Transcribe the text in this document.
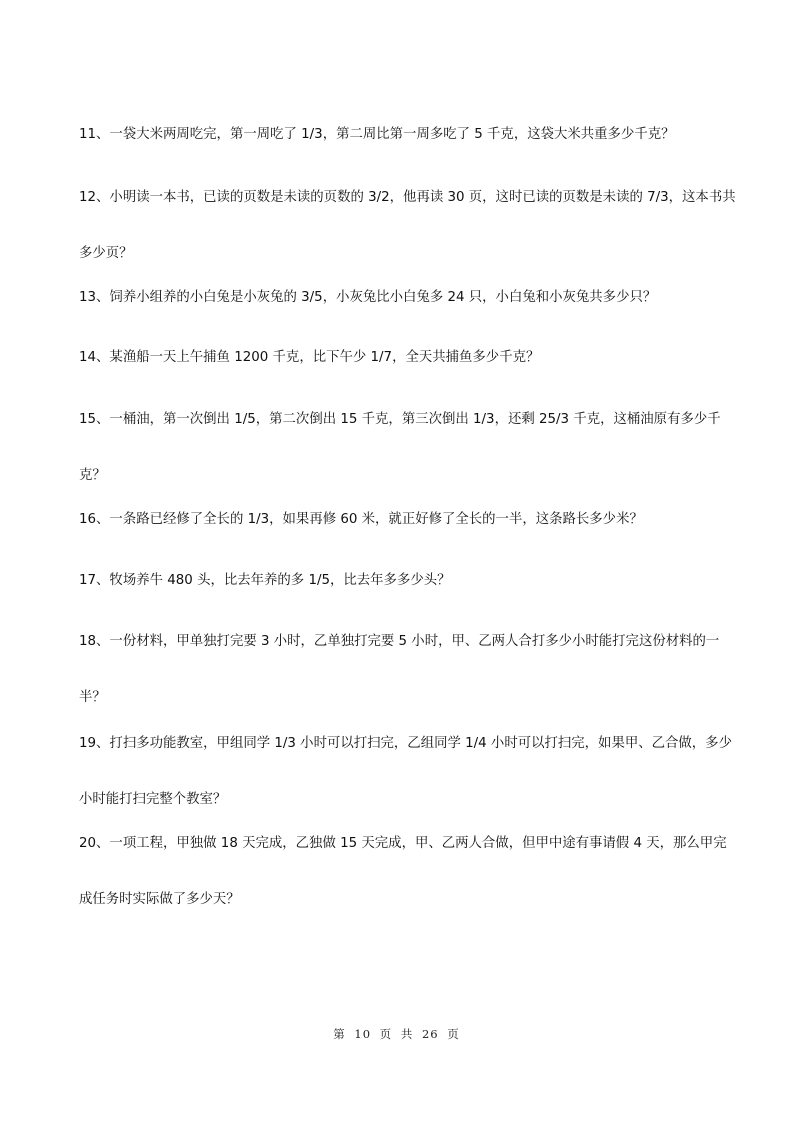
11、一袋大米两周吃完，第一周吃了 1/3，第二周比第一周多吃了 5 千克，这袋大米共重多少千克？

12、小明读一本书，已读的页数是未读的页数的 3/2，他再读 30 页，这时已读的页数是未读的 7/3，这本书共多少页？

13、饲养小组养的小白兔是小灰兔的 3/5，小灰兔比小白兔多 24 只，小白兔和小灰兔共多少只？

14、某渔船一天上午捕鱼 1200 千克，比下午少 1/7，全天共捕鱼多少千克？

15、一桶油，第一次倒出 1/5，第二次倒出 15 千克，第三次倒出 1/3，还剩 25/3 千克，这桶油原有多少千克？

16、一条路已经修了全长的 1/3，如果再修 60 米，就正好修了全长的一半，这条路长多少米？

17、牧场养牛 480 头，比去年养的多 1/5，比去年多多少头？

18、一份材料，甲单独打完要 3 小时，乙单独打完要 5 小时，甲、乙两人合打多少小时能打完这份材料的一半？

19、打扫多功能教室，甲组同学 1/3 小时可以打扫完，乙组同学 1/4 小时可以打扫完，如果甲、乙合做，多少小时能打扫完整个教室？

20、一项工程，甲独做 18 天完成，乙独做 15 天完成，甲、乙两人合做，但甲中途有事请假 4 天，那么甲完成任务时实际做了多少天？

第 10 页 共 26 页
